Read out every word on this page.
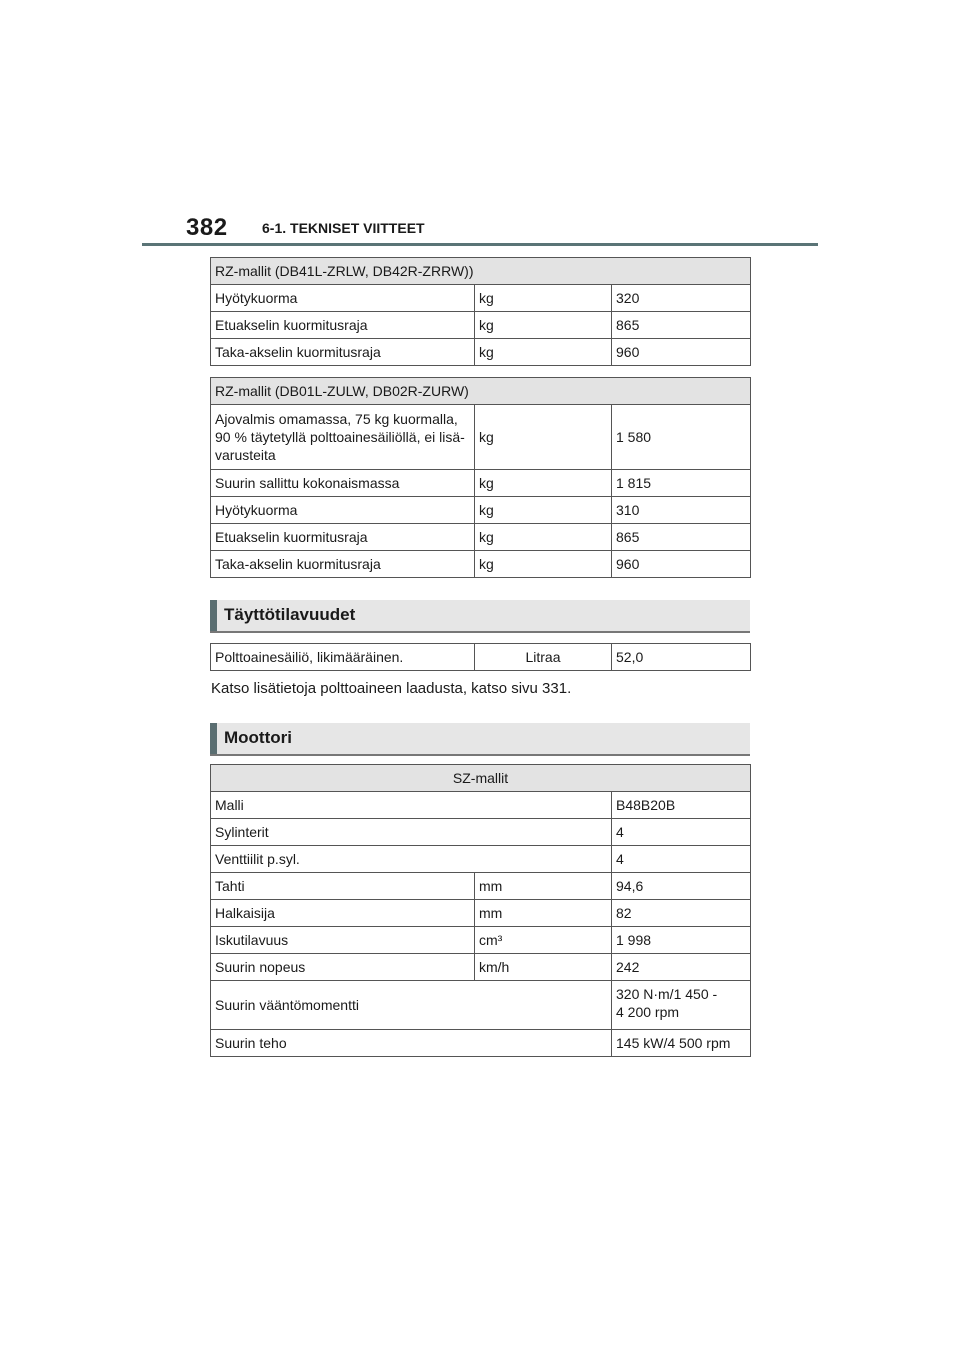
382 6-1. TEKNISET VIITTEET
RZ-mallit (DB41L-ZRLW, DB42R-ZRRW))		
Hyötykuorma	kg	320
Etuakselin kuormitusraja	kg	865
Taka-akselin kuormitusraja	kg	960
RZ-mallit (DB01L-ZULW, DB02R-ZURW)		
Ajovalmis omamassa, 75 kg kuormalla,
90 % täytetyllä polttoainesäiliöllä, ei lisä-
varusteita	kg	1 580
Suurin sallittu kokonaismassa	kg	1 815
Hyötykuorma	kg	310
Etuakselin kuormitusraja	kg	865
Taka-akselin kuormitusraja	kg	960
Täyttötilavuudet
Polttoainesäiliö, likimääräinen.	Litraa	52,0
Katso lisätietoja polttoaineen laadusta, katso sivu 331.
Moottori
SZ-mallit		
Malli		B48B20B
Sylinterit		4
Venttiilit p.syl.		4
Tahti	mm	94,6
Halkaisija	mm	82
Iskutilavuus	cm³	1 998
Suurin nopeus	km/h	242
Suurin vääntömomentti		320 N·m/1 450 -
4 200 rpm
Suurin teho		145 kW/4 500 rpm
